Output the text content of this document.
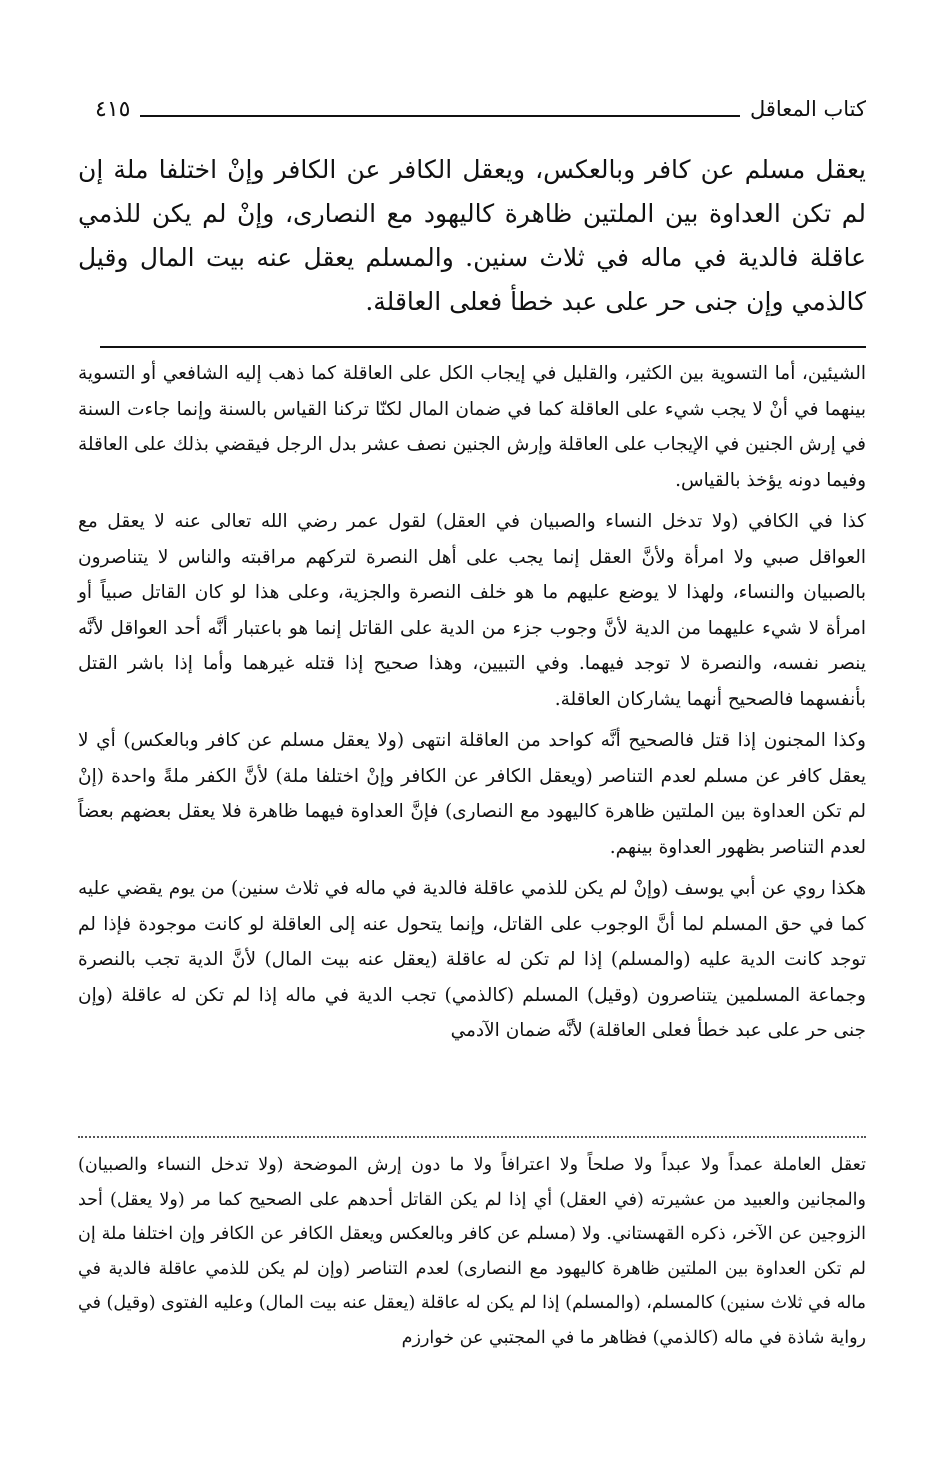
كتاب المعاقل
٤١٥

يعقل مسلم عن كافر وبالعكس، ويعقل الكافر عن الكافر وإنْ اختلفا ملة إن لم تكن العداوة بين الملتين ظاهرة كاليهود مع النصارى، وإنْ لم يكن للذمي عاقلة فالدية في ماله في ثلاث سنين. والمسلم يعقل عنه بيت المال وقيل كالذمي وإن جنى حر على عبد خطأ فعلى العاقلة.

الشيئين، أما التسوية بين الكثير، والقليل في إيجاب الكل على العاقلة كما ذهب إليه الشافعي أو التسوية بينهما في أنْ لا يجب شيء على العاقلة كما في ضمان المال لكنّا تركنا القياس بالسنة وإنما جاءت السنة في إرش الجنين في الإيجاب على العاقلة وإرش الجنين نصف عشر بدل الرجل فيقضي بذلك على العاقلة وفيما دونه يؤخذ بالقياس.

كذا في الكافي (ولا تدخل النساء والصبيان في العقل) لقول عمر رضي الله تعالى عنه لا يعقل مع العواقل صبي ولا امرأة ولأنَّ العقل إنما يجب على أهل النصرة لتركهم مراقبته والناس لا يتناصرون بالصبيان والنساء، ولهذا لا يوضع عليهم ما هو خلف النصرة والجزية، وعلى هذا لو كان القاتل صبياً أو امرأة لا شيء عليهما من الدية لأنَّ وجوب جزء من الدية على القاتل إنما هو باعتبار أنَّه أحد العواقل لأنَّه ينصر نفسه، والنصرة لا توجد فيهما. وفي التبيين، وهذا صحيح إذا قتله غيرهما وأما إذا باشر القتل بأنفسهما فالصحيح أنهما يشاركان العاقلة.

وكذا المجنون إذا قتل فالصحيح أنَّه كواحد من العاقلة انتهى (ولا يعقل مسلم عن كافر وبالعكس) أي لا يعقل كافر عن مسلم لعدم التناصر (ويعقل الكافر عن الكافر وإنْ اختلفا ملة) لأنَّ الكفر ملةً واحدة (إنْ لم تكن العداوة بين الملتين ظاهرة كاليهود مع النصارى) فإنَّ العداوة فيهما ظاهرة فلا يعقل بعضهم بعضاً لعدم التناصر بظهور العداوة بينهم.

هكذا روي عن أبي يوسف (وإنْ لم يكن للذمي عاقلة فالدية في ماله في ثلاث سنين) من يوم يقضي عليه كما في حق المسلم لما أنَّ الوجوب على القاتل، وإنما يتحول عنه إلى العاقلة لو كانت موجودة فإذا لم توجد كانت الدية عليه (والمسلم) إذا لم تكن له عاقلة (يعقل عنه بيت المال) لأنَّ الدية تجب بالنصرة وجماعة المسلمين يتناصرون (وقيل) المسلم (كالذمي) تجب الدية في ماله إذا لم تكن له عاقلة (وإن جنى حر على عبد خطأ فعلى العاقلة) لأنَّه ضمان الآدمي

تعقل العاملة عمداً ولا عبداً ولا صلحاً ولا اعترافاً ولا ما دون إرش الموضحة (ولا تدخل النساء والصبيان) والمجانين والعبيد من عشيرته (في العقل) أي إذا لم يكن القاتل أحدهم على الصحيح كما مر (ولا يعقل) أحد الزوجين عن الآخر، ذكره القهستاني. ولا (مسلم عن كافر وبالعكس ويعقل الكافر عن الكافر وإن اختلفا ملة إن لم تكن العداوة بين الملتين ظاهرة كاليهود مع النصارى) لعدم التناصر (وإن لم يكن للذمي عاقلة فالدية في ماله في ثلاث سنين) كالمسلم، (والمسلم) إذا لم يكن له عاقلة (يعقل عنه بيت المال) وعليه الفتوى (وقيل) في رواية شاذة في ماله (كالذمي) فظاهر ما في المجتبي عن خوارزم
